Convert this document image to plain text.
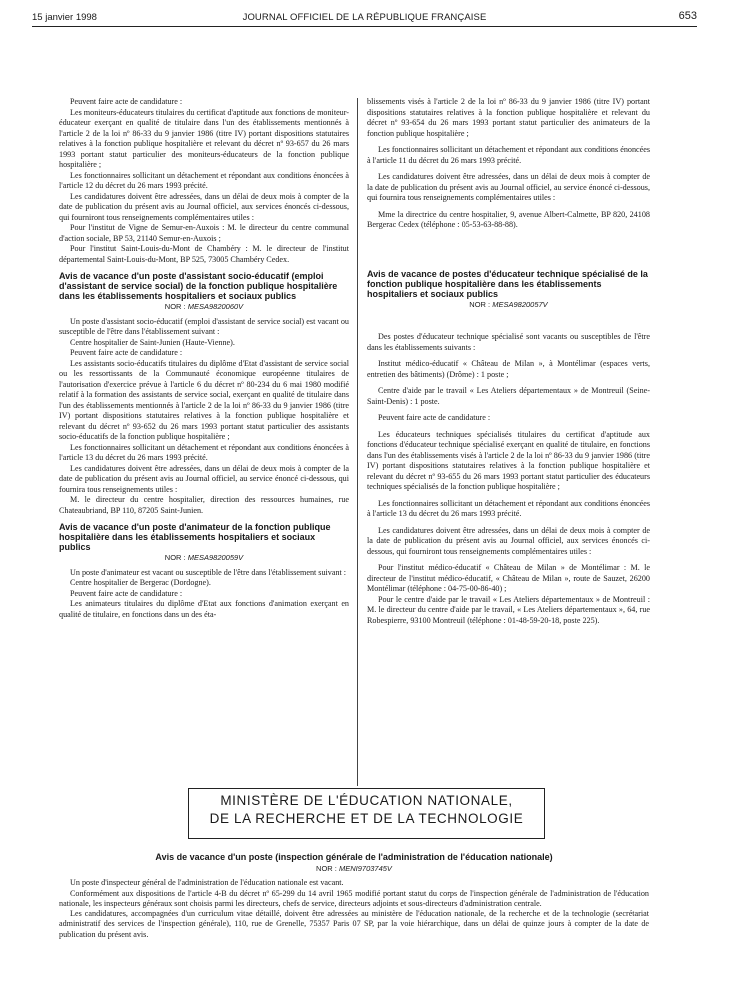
15 janvier 1998	JOURNAL OFFICIEL DE LA RÉPUBLIQUE FRANÇAISE	653

Peuvent faire acte de candidature :

Les moniteurs-éducateurs titulaires du certificat d'aptitude aux fonctions de moniteur-éducateur exerçant en qualité de titulaire dans l'un des établissements mentionnés à l'article 2 de la loi nº 86-33 du 9 janvier 1986 (titre IV) portant dispositions statutaires relatives à la fonction publique hospitalière et relevant du décret nº 93-657 du 26 mars 1993 portant statut particulier des moniteurs-éducateurs de la fonction publique hospitalière ;

Les fonctionnaires sollicitant un détachement et répondant aux conditions énoncées à l'article 12 du décret du 26 mars 1993 précité.

Les candidatures doivent être adressées, dans un délai de deux mois à compter de la date de publication du présent avis au Journal officiel, aux services énoncés ci-dessous, qui fourniront tous renseignements complémentaires utiles :

Pour l'institut de Vigne de Semur-en-Auxois : M. le directeur du centre communal d'action sociale, BP 53, 21140 Semur-en-Auxois ;

Pour l'institut Saint-Louis-du-Mont de Chambéry : M. le directeur de l'institut départemental Saint-Louis-du-Mont, BP 525, 73005 Chambéry Cedex.

Avis de vacance d'un poste d'assistant socio-éducatif (emploi d'assistant de service social) de la fonction publique hospitalière dans les établissements hospitaliers et sociaux publics
NOR : MESA9820060V

Un poste d'assistant socio-éducatif (emploi d'assistant de service social) est vacant ou susceptible de l'être dans l'établissement suivant :

Centre hospitalier de Saint-Junien (Haute-Vienne).

Peuvent faire acte de candidature :

Les assistants socio-éducatifs titulaires du diplôme d'Etat d'assistant de service social ou les ressortissants de la Communauté économique européenne titulaires de l'autorisation d'exercice prévue à l'article 6 du décret nº 80-234 du 6 mai 1980 modifié relatif à la formation des assistants de service social, exerçant en qualité de titulaire dans l'un des établissements mentionnés à l'article 2 de la loi nº 86-33 du 9 janvier 1986 (titre IV) portant dispositions statutaires relatives à la fonction publique hospitalière et relevant du décret nº 93-652 du 26 mars 1993 portant statut particulier des assistants socio-éducatifs de la fonction publique hospitalière ;

Les fonctionnaires sollicitant un détachement et répondant aux conditions énoncées à l'article 13 du décret du 26 mars 1993 précité.

Les candidatures doivent être adressées, dans un délai de deux mois à compter de la date de publication du présent avis au Journal officiel, au service énoncé ci-dessous, qui fournira tous renseignements utiles :

M. le directeur du centre hospitalier, direction des ressources humaines, rue Chateaubriand, BP 110, 87205 Saint-Junien.

Avis de vacance d'un poste d'animateur de la fonction publique hospitalière dans les établissements hospitaliers et sociaux publics
NOR : MESA9820059V

Un poste d'animateur est vacant ou susceptible de l'être dans l'établissement suivant :

Centre hospitalier de Bergerac (Dordogne).

Peuvent faire acte de candidature :

Les animateurs titulaires du diplôme d'Etat aux fonctions d'animation exerçant en qualité de titulaire, en fonctions dans un des éta-

blissements visés à l'article 2 de la loi nº 86-33 du 9 janvier 1986 (titre IV) portant dispositions statutaires relatives à la fonction publique hospitalière et relevant du décret nº 93-654 du 26 mars 1993 portant statut particulier des animateurs de la fonction publique hospitalière ;

Les fonctionnaires sollicitant un détachement et répondant aux conditions énoncées à l'article 11 du décret du 26 mars 1993 précité.

Les candidatures doivent être adressées, dans un délai de deux mois à compter de la date de publication du présent avis au Journal officiel, au service énoncé ci-dessous, qui fournira tous renseignements complémentaires utiles :

Mme la directrice du centre hospitalier, 9, avenue Albert-Calmette, BP 820, 24108 Bergerac Cedex (téléphone : 05-53-63-88-88).

Avis de vacance de postes d'éducateur technique spécialisé de la fonction publique hospitalière dans les établissements hospitaliers et sociaux publics
NOR : MESA9820057V

Des postes d'éducateur technique spécialisé sont vacants ou susceptibles de l'être dans les établissements suivants :

Institut médico-éducatif « Château de Milan », à Montélimar (espaces verts, entretien des bâtiments) (Drôme) : 1 poste ;

Centre d'aide par le travail « Les Ateliers départementaux » de Montreuil (Seine-Saint-Denis) : 1 poste.

Peuvent faire acte de candidature :

Les éducateurs techniques spécialisés titulaires du certificat d'aptitude aux fonctions d'éducateur technique spécialisé exerçant en qualité de titulaire, en fonctions dans l'un des établissements visés à l'article 2 de la loi nº 86-33 du 9 janvier 1986 (titre IV) portant dispositions statutaires relatives à la fonction publique hospitalière et relevant du décret nº 93-655 du 26 mars 1993 portant statut particulier des éducateurs techniques spécialisés de la fonction publique hospitalière ;

Les fonctionnaires sollicitant un détachement et répondant aux conditions énoncées à l'article 13 du décret du 26 mars 1993 précité.

Les candidatures doivent être adressées, dans un délai de deux mois à compter de la date de publication du présent avis au Journal officiel, aux services énoncés ci-dessous, qui fourniront tous renseignements complémentaires utiles :

Pour l'institut médico-éducatif « Château de Milan » de Montélimar : M. le directeur de l'institut médico-éducatif, « Château de Milan », route de Sauzet, 26200 Montélimar (téléphone : 04-75-00-86-40) ;

Pour le centre d'aide par le travail « Les Ateliers départementaux » de Montreuil : M. le directeur du centre d'aide par le travail, « Les Ateliers départementaux », 64, rue Robespierre, 93100 Montreuil (téléphone : 01-48-59-20-18, poste 225).

MINISTÈRE DE L'ÉDUCATION NATIONALE,
DE LA RECHERCHE ET DE LA TECHNOLOGIE
Avis de vacance d'un poste (inspection générale de l'administration de l'éducation nationale)
NOR : MENI9703745V

Un poste d'inspecteur général de l'administration de l'éducation nationale est vacant.

Conformément aux dispositions de l'article 4-B du décret nº 65-299 du 14 avril 1965 modifié portant statut du corps de l'inspection générale de l'administration de l'éducation nationale, les inspecteurs généraux sont choisis parmi les directeurs, chefs de service, directeurs adjoints et sous-directeurs d'administration centrale.

Les candidatures, accompagnées d'un curriculum vitae détaillé, doivent être adressées au ministère de l'éducation nationale, de la recherche et de la technologie (secrétariat administratif des services de l'inspection générale), 110, rue de Grenelle, 75357 Paris 07 SP, par la voie hiérarchique, dans un délai de quinze jours à compter de la date de publication du présent avis.
